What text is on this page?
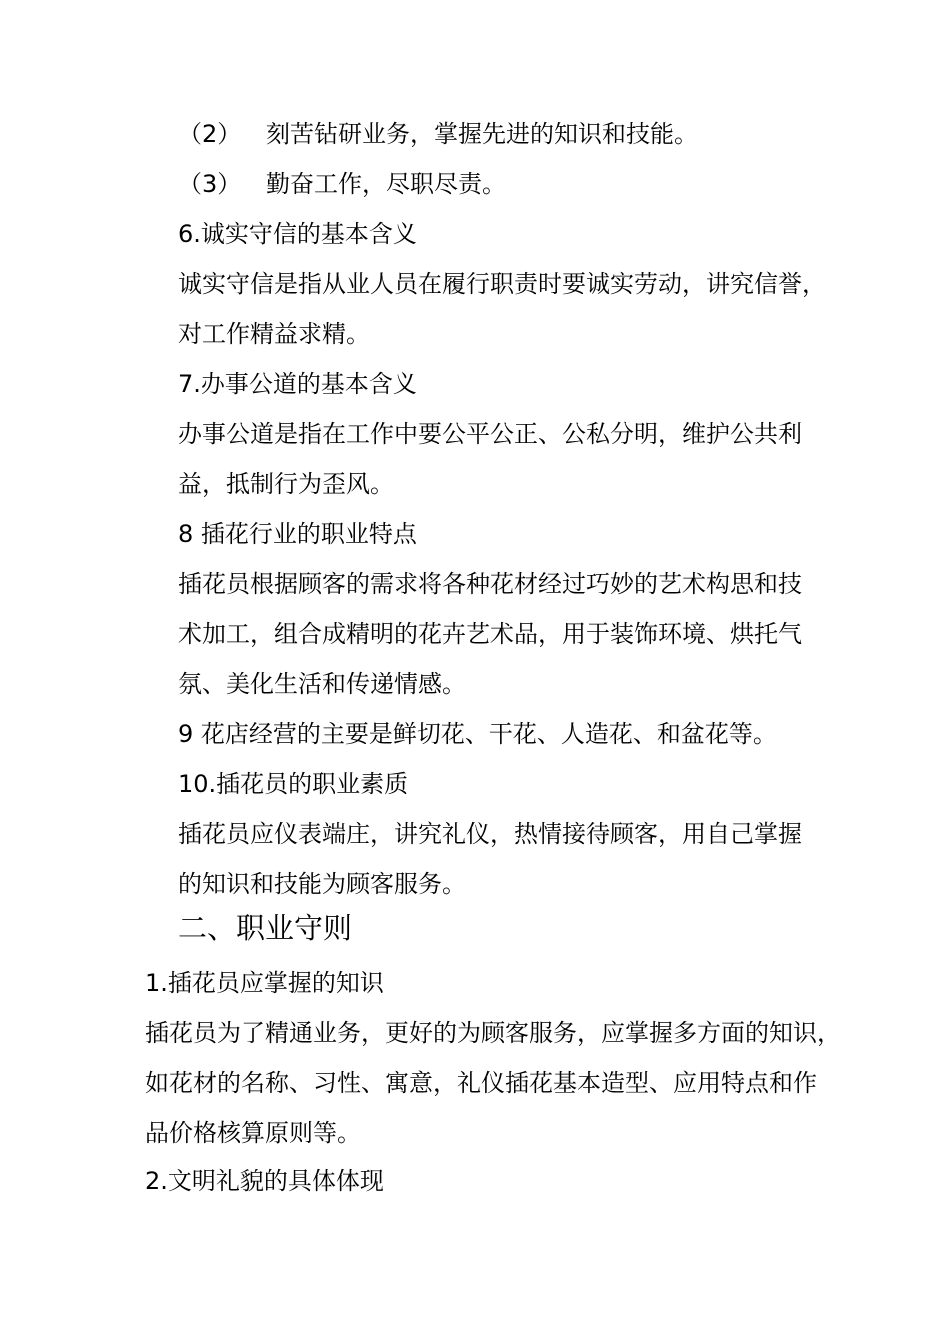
（2） 刻苦钻研业务，掌握先进的知识和技能。
（3） 勤奋工作，尽职尽责。
6.诚实守信的基本含义
诚实守信是指从业人员在履行职责时要诚实劳动，讲究信誉，
对工作精益求精。
7.办事公道的基本含义
办事公道是指在工作中要公平公正、公私分明，维护公共利
益，抵制行为歪风。
8 插花行业的职业特点
插花员根据顾客的需求将各种花材经过巧妙的艺术构思和技
术加工，组合成精明的花卉艺术品，用于装饰环境、烘托气
氛、美化生活和传递情感。
9 花店经营的主要是鲜切花、干花、人造花、和盆花等。
10.插花员的职业素质
插花员应仪表端庄，讲究礼仪，热情接待顾客，用自己掌握
的知识和技能为顾客服务。
二、职业守则
1.插花员应掌握的知识
插花员为了精通业务，更好的为顾客服务，应掌握多方面的知识，
如花材的名称、习性、寓意，礼仪插花基本造型、应用特点和作
品价格核算原则等。
2.文明礼貌的具体体现
